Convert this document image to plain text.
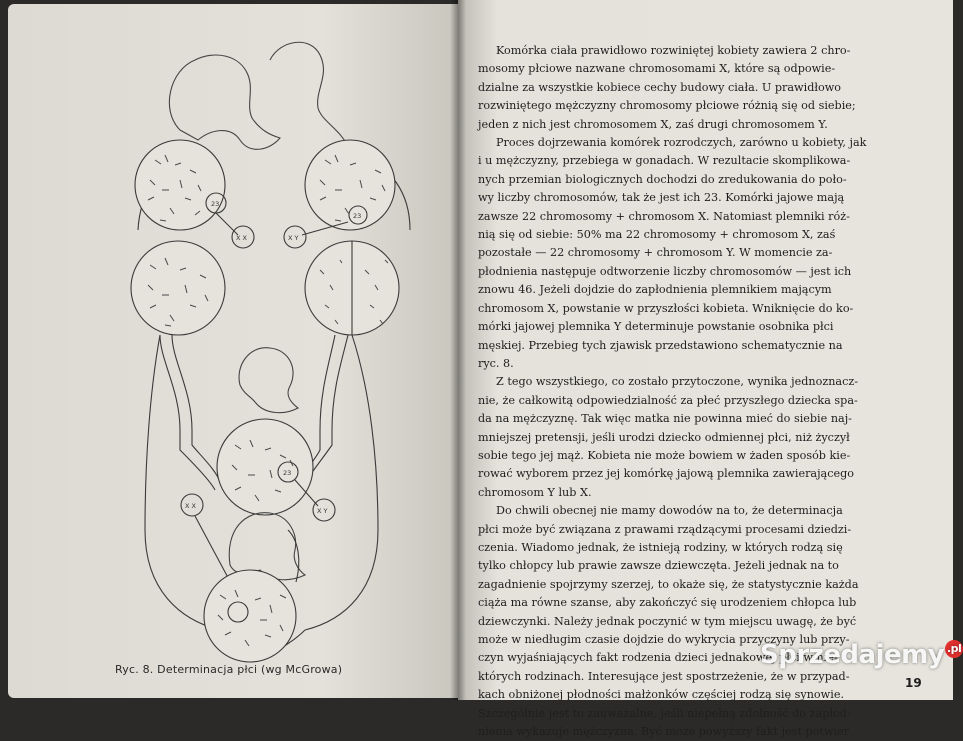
X X	X Y
X Y
X X
23
23
23
Ryc. 8. Determinacja płci (wg McGrowa)
Komórka ciała prawidłowo rozwiniętej kobiety zawiera 2 chro-
mosomy płciowe nazwane chromosomami X, które są odpowie-
dzialne za wszystkie kobiece cechy budowy ciała. U prawidłowo
rozwiniętego mężczyzny chromosomy płciowe różnią się od siebie;
jeden z nich jest chromosomem X, zaś drugi chromosomem Y.
Proces dojrzewania komórek rozrodczych, zarówno u kobiety, jak
i u mężczyzny, przebiega w gonadach. W rezultacie skomplikowa-
nych przemian biologicznych dochodzi do zredukowania do poło-
wy liczby chromosomów, tak że jest ich 23. Komórki jajowe mają
zawsze 22 chromosomy + chromosom X. Natomiast plemniki róż-
nią się od siebie: 50% ma 22 chromosomy + chromosom X, zaś
pozostałe — 22 chromosomy + chromosom Y. W momencie za-
płodnienia następuje odtworzenie liczby chromosomów — jest ich
znowu 46. Jeżeli dojdzie do zapłodnienia plemnikiem mającym
chromosom X, powstanie w przyszłości kobieta. Wniknięcie do ko-
mórki jajowej plemnika Y determinuje powstanie osobnika płci
męskiej. Przebieg tych zjawisk przedstawiono schematycznie na
ryc. 8.
Z tego wszystkiego, co zostało przytoczone, wynika jednoznacz-
nie, że całkowitą odpowiedzialność za płeć przyszłego dziecka spa-
da na mężczyznę. Tak więc matka nie powinna mieć do siebie naj-
mniejszej pretensji, jeśli urodzi dziecko odmiennej płci, niż życzył
sobie tego jej mąż. Kobieta nie może bowiem w żaden sposób kie-
rować wyborem przez jej komórkę jajową plemnika zawierającego
chromosom Y lub X.
Do chwili obecnej nie mamy dowodów na to, że determinacja
płci może być związana z prawami rządzącymi procesami dziedzi-
czenia. Wiadomo jednak, że istnieją rodziny, w których rodzą się
tylko chłopcy lub prawie zawsze dziewczęta. Jeżeli jednak na to
zagadnienie spojrzymy szerzej, to okaże się, że statystycznie każda
ciąża ma równe szanse, aby zakończyć się urodzeniem chłopca lub
dziewczynki. Należy jednak poczynić w tym miejscu uwagę, że być
może w niedługim czasie dojdzie do wykrycia przyczyny lub przy-
czyn wyjaśniających fakt rodzenia dzieci jednakowej płci w nie-
których rodzinach. Interesujące jest spostrzeżenie, że w przypad-
kach obniżonej płodności małżonków częściej rodzą się synowie.
Szczególnie jest to zauważalne, jeśli niepełną zdolność do zapłod-
nienia wykazuje mężczyzna. Być może powyższy fakt jest potwier
19
Sprzedajemy .pl
